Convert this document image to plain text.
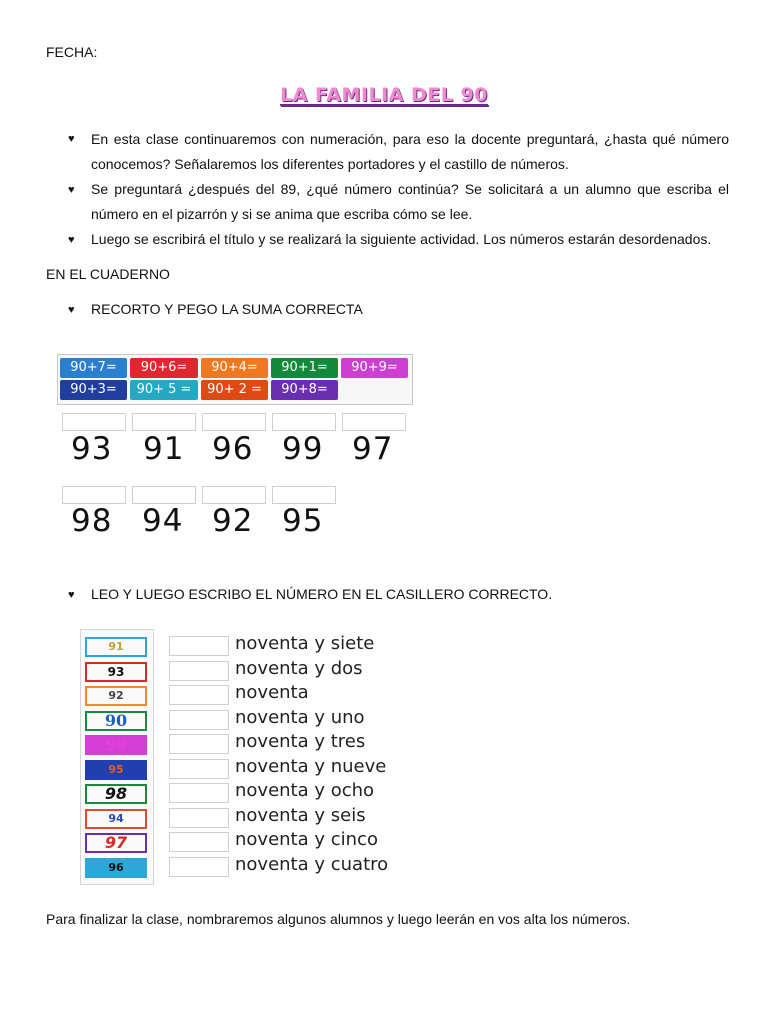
FECHA:
LA FAMILIA DEL 90
♥ En esta clase continuaremos con numeración, para eso la docente preguntará, ¿hasta qué número conocemos? Señalaremos los diferentes portadores y el castillo de números.
♥ Se preguntará ¿después del 89, ¿qué número continúa? Se solicitará a un alumno que escriba el número en el pizarrón y si se anima que escriba cómo se lee.
♥ Luego se escribirá el título y se realizará la siguiente actividad. Los números estarán desordenados.
EN EL CUADERNO
♥ RECORTO Y PEGO LA SUMA CORRECTA
90+7=	90+6=	90+4=	90+1=	90+9=
90+3=	90+ 5 =	90+ 2 =	90+8=
93 91 96 99 97
98 94 92 95
♥ LEO Y LUEGO ESCRIBO EL NÚMERO EN EL CASILLERO CORRECTO.
91	noventa y siete
93	noventa y dos
92	noventa
90	noventa y uno
99	noventa y tres
95	noventa y nueve
98	noventa y ocho
94	noventa y seis
97	noventa y cinco
96	noventa y cuatro
Para finalizar la clase, nombraremos algunos alumnos y luego leerán en vos alta los números.
